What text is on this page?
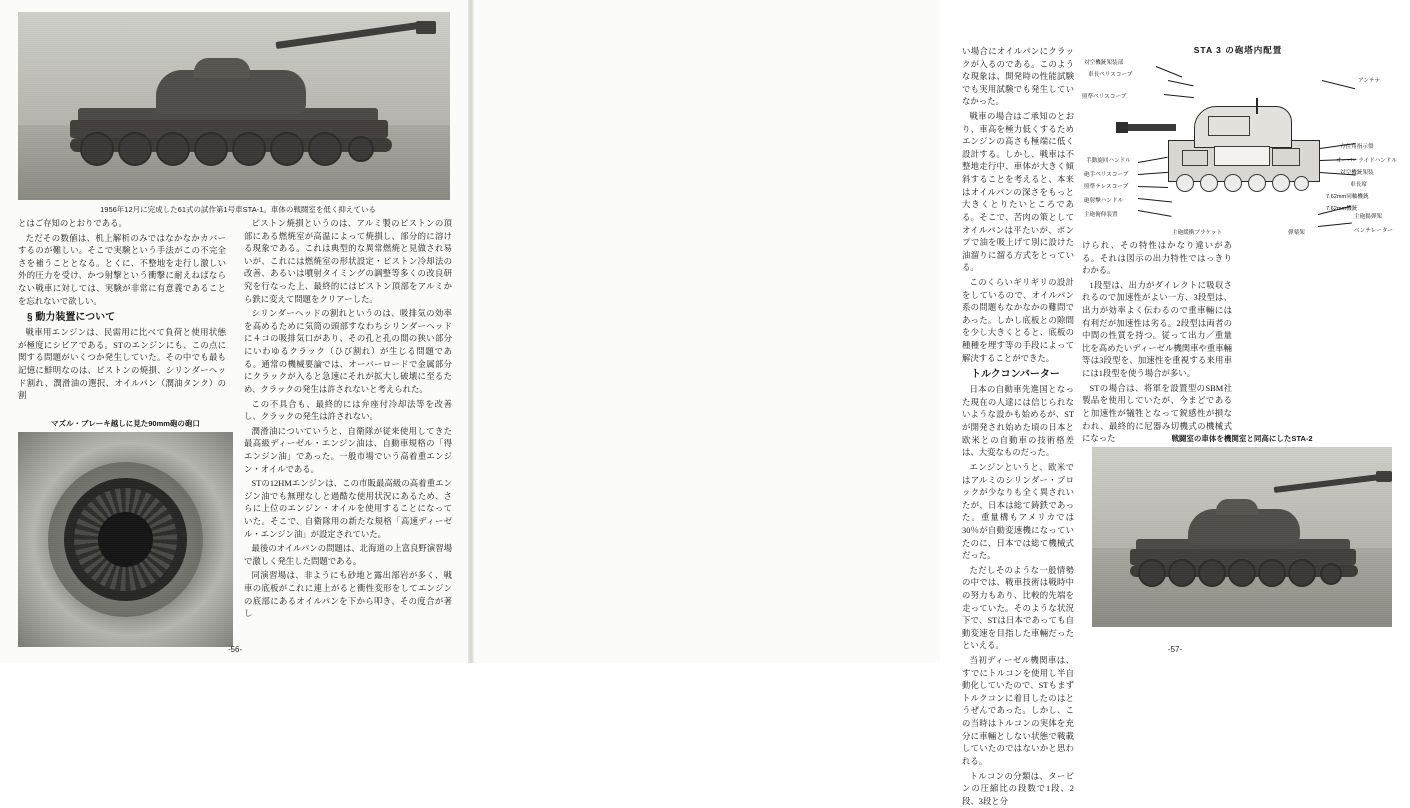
1956年12月に完成した61式の試作第1号車STA-1。車体の戦闘室を低く抑えている

とはご存知のとおりである。

ただその数値は、机上解析のみではなかなかカバーするのが難しい。そこで実験という手法がこの不完全さを補うこととなる。とくに、不整地を走行し激しい外的圧力を受け、かつ射撃という衝撃に耐えねばならない戦車に対しては、実験が非常に有意義であることを忘れないで欲しい。

§ 動力装置について

戦車用エンジンは、民需用に比べて負荷と使用状態が極度にシビアである。STのエンジンにも、この点に関する問題がいくつか発生していた。その中でも最も記憶に鮮明なのは、ピストンの焼損、シリンダーヘッド割れ、潤滑油の選択、オイルパン（潤油タンク）の割

マズル・ブレーキ越しに見た90mm砲の砲口

ピストン焼損というのは、アルミ製のピストンの頂部にある燃焼室が高温によって焼損し、部分的に溶ける現象である。これは典型的な異常燃焼と見做され易いが、これには燃焼室の形状設定・ピストン冷却法の改善、あるいは噴射タイミングの調整等多くの改良研究を行なった上、最終的にはピストン頂部をアルミから鉄に変えて問題をクリアーした。

シリンダーヘッドの割れというのは、吸排気の効率を高めるために気筒の頭部すなわちシリンダーヘッドに４コの吸排気口があり、その孔と孔の間の狭い部分にいわゆるクラック（ひび割れ）が生じる問題である。通常の機械要論では、オーバーロードで金属部分にクラックが入ると急速にそれが拡大し破壊に至るため、クラックの発生は許されないと考えられた。

この不具合も、最終的には弁座付冷却法等を改善し、クラックの発生は許されない。

潤滑油についていうと、自衛隊が従来使用してきた最高級ディーゼル・エンジン油は、自動車規格の「得エンジン油」であった。一般市場でいう高着重エンジン・オイルである。

STの12HMエンジンは、この市販最高級の高着重エンジン油でも無理なしと過酷な使用状況にあるため、さらに上位のエンジン・オイルを使用することになっていた。そこで、自衛隊用の新たな規格「高速ディーゼル・エンジン油」が設定されていた。

最後のオイルパンの問題は、北海道の上富良野演習場で激しく発生した問題である。

同演習場は、非ようにも砂地と露出部岩が多く、戦車の底板がこれに連上がると衝性変形をしてエンジンの底部にあるオイルパンを下から叩き、その度合が著し

-56-

い場合にオイルパンにクラックが入るのである。このような現象は、開発時の性能試験でも実用試験でも発生していなかった。

戦車の場合はご承知のとおり、車高を極力低くするためエンジンの高さも極端に低く設計する。しかし、戦車は不整地走行中、車体が大きく傾斜することを考えると、本来はオイルパンの深さをもっと大きくとりたいところである。そこで、苦肉の策としてオイルパンは平たいが、ポンプで油を吸上げて別に設けた油溜りに溜る方式をとっている。

このくらいギリギリの設計をしているので、オイルパン系の問題もなかなかの難問であった。しかし底板との隙間を少し大きくとると、底板の種種を埋す等の手段によって解決することができた。

トルクコンバーター

日本の自動車先進国となった現在の人達には信じられないような設かも始めるが、STが開発され始めた頃の日本と欧米との自動車の技術格差は、大変なものだった。

エンジンというと、欧米ではアルミのシリンダー・ブロックが少なりも全く異されいたが、日本は総て鋳鉄であった。重量構もアメリカでは30％が自動変速機になっていたのに、日本では総て機械式だった。

ただしそのような一般情勢の中では、戦車技術は戦時中の努力もあり、比較的先端を走っていた。そのような状況下で、STは日本であっても自動変速を目指した車輛だったといえる。

当初ディーゼル機関車は、すでにトルコンを使用し半自動化していたので、STもまずトルクコンに着目したのはとうぜんであった。しかし、この当時はトルコンの実体を充分に車輛としない状態で戦載していたのではないかと思われる。

トルコンの分類は、タービンの圧縮比の段数で1段、2段、3段と分

STA 3 の砲塔内配置
対空機銃架装部
車長ペリスコープ
照準ペリスコープ
アンテナ
方位角指示盤
手動旋回ハンドル	オーバーライドハンドル
対空機銃架装
砲手ペリスコープ
車長席
照準テレスコープ
砲射撃ハンドル
7.62mm同軸機銃
7.62mm機銃
主砲俯仰装置	主砲揚弾架
ベンチレーター
主砲緩衝ブラケット	弾薬架

けられ、その特性はかなり違いがある。それは図示の出力特性ではっきりわかる。

1段型は、出力がダイレクトに吸収されるので加速性がよい一方、3段型は、出力が効率よく伝わるので重車輛には有利だが加速性は劣る。2段型は両者の中間の性質を持つ。従って出力／重量比を高めたいディーゼル機関車や重車輛等は3段型を、加速性を重視する来用車には1段型を使う場合が多い。

STの場合は、将軍を設置型のSBM社製品を使用していたが、今まどであると加速性が犠牲となって鋭感性が損なわれ、最終的に尼器み切機式の機械式になった	戦闘室の車体を機関室と同高にしたSTA-2
-57-
